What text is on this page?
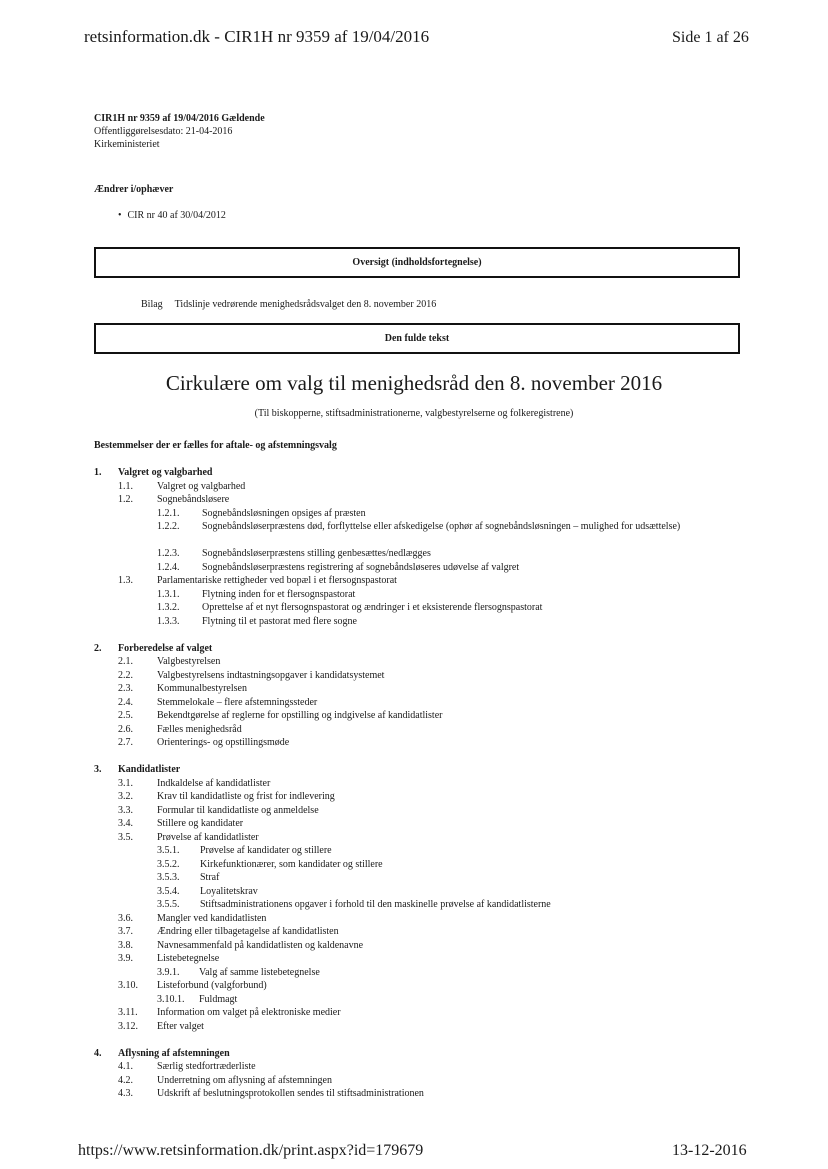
retsinformation.dk - CIR1H nr 9359 af 19/04/2016	Side 1 af 26
CIR1H nr 9359 af 19/04/2016 Gældende
Offentliggørelsesdato: 21-04-2016
Kirkeministeriet
Ændrer i/ophæver
• CIR nr 40 af 30/04/2012
Oversigt (indholdsfortegnelse)
Bilag Tidslinje vedrørende menighedsrådsvalget den 8. november 2016
Den fulde tekst
Cirkulære om valg til menighedsråd den 8. november 2016
(Til biskopperne, stiftsadministrationerne, valgbestyrelserne og folkeregistrene)
Bestemmelser der er fælles for aftale- og afstemningsvalg
1. Valgret og valgbarhed
1.1. Valgret og valgbarhed
1.2. Sognebåndsløsere
1.2.1. Sognebåndsløsningen opsiges af præsten
1.2.2. Sognebåndsløserpræstens død, forflyttelse eller afskedigelse (ophør af sognebåndsløsningen – mulighed for udsættelse)
1.2.3. Sognebåndsløserpræstens stilling genbesættes/nedlægges
1.2.4. Sognebåndsløserpræstens registrering af sognebåndsløseres udøvelse af valgret
1.3. Parlamentariske rettigheder ved bopæl i et flersognspastorat
1.3.1. Flytning inden for et flersognspastorat
1.3.2. Oprettelse af et nyt flersognspastorat og ændringer i et eksisterende flersognspastorat
1.3.3. Flytning til et pastorat med flere sogne
2. Forberedelse af valget
2.1. Valgbestyrelsen
2.2. Valgbestyrelsens indtastningsopgaver i kandidatsystemet
2.3. Kommunalbestyrelsen
2.4. Stemmelokale – flere afstemningssteder
2.5. Bekendtgørelse af reglerne for opstilling og indgivelse af kandidatlister
2.6. Fælles menighedsråd
2.7. Orienterings- og opstillingsmøde
3. Kandidatlister
3.1. Indkaldelse af kandidatlister
3.2. Krav til kandidatliste og frist for indlevering
3.3. Formular til kandidatliste og anmeldelse
3.4. Stillere og kandidater
3.5. Prøvelse af kandidatlister
3.5.1. Prøvelse af kandidater og stillere
3.5.2. Kirkefunktionærer, som kandidater og stillere
3.5.3. Straf
3.5.4. Loyalitetskrav
3.5.5. Stiftsadministrationens opgaver i forhold til den maskinelle prøvelse af kandidatlisterne
3.6. Mangler ved kandidatlisten
3.7. Ændring eller tilbagetagelse af kandidatlisten
3.8. Navnesammenfald på kandidatlisten og kaldenavne
3.9. Listebetegnelse
3.9.1. Valg af samme listebetegnelse
3.10. Listeforbund (valgforbund)
3.10.1. Fuldmagt
3.11. Information om valget på elektroniske medier
3.12. Efter valget
4. Aflysning af afstemningen
4.1. Særlig stedfortræderliste
4.2. Underretning om aflysning af afstemningen
4.3. Udskrift af beslutningsprotokollen sendes til stiftsadministrationen
https://www.retsinformation.dk/print.aspx?id=179679	13-12-2016
